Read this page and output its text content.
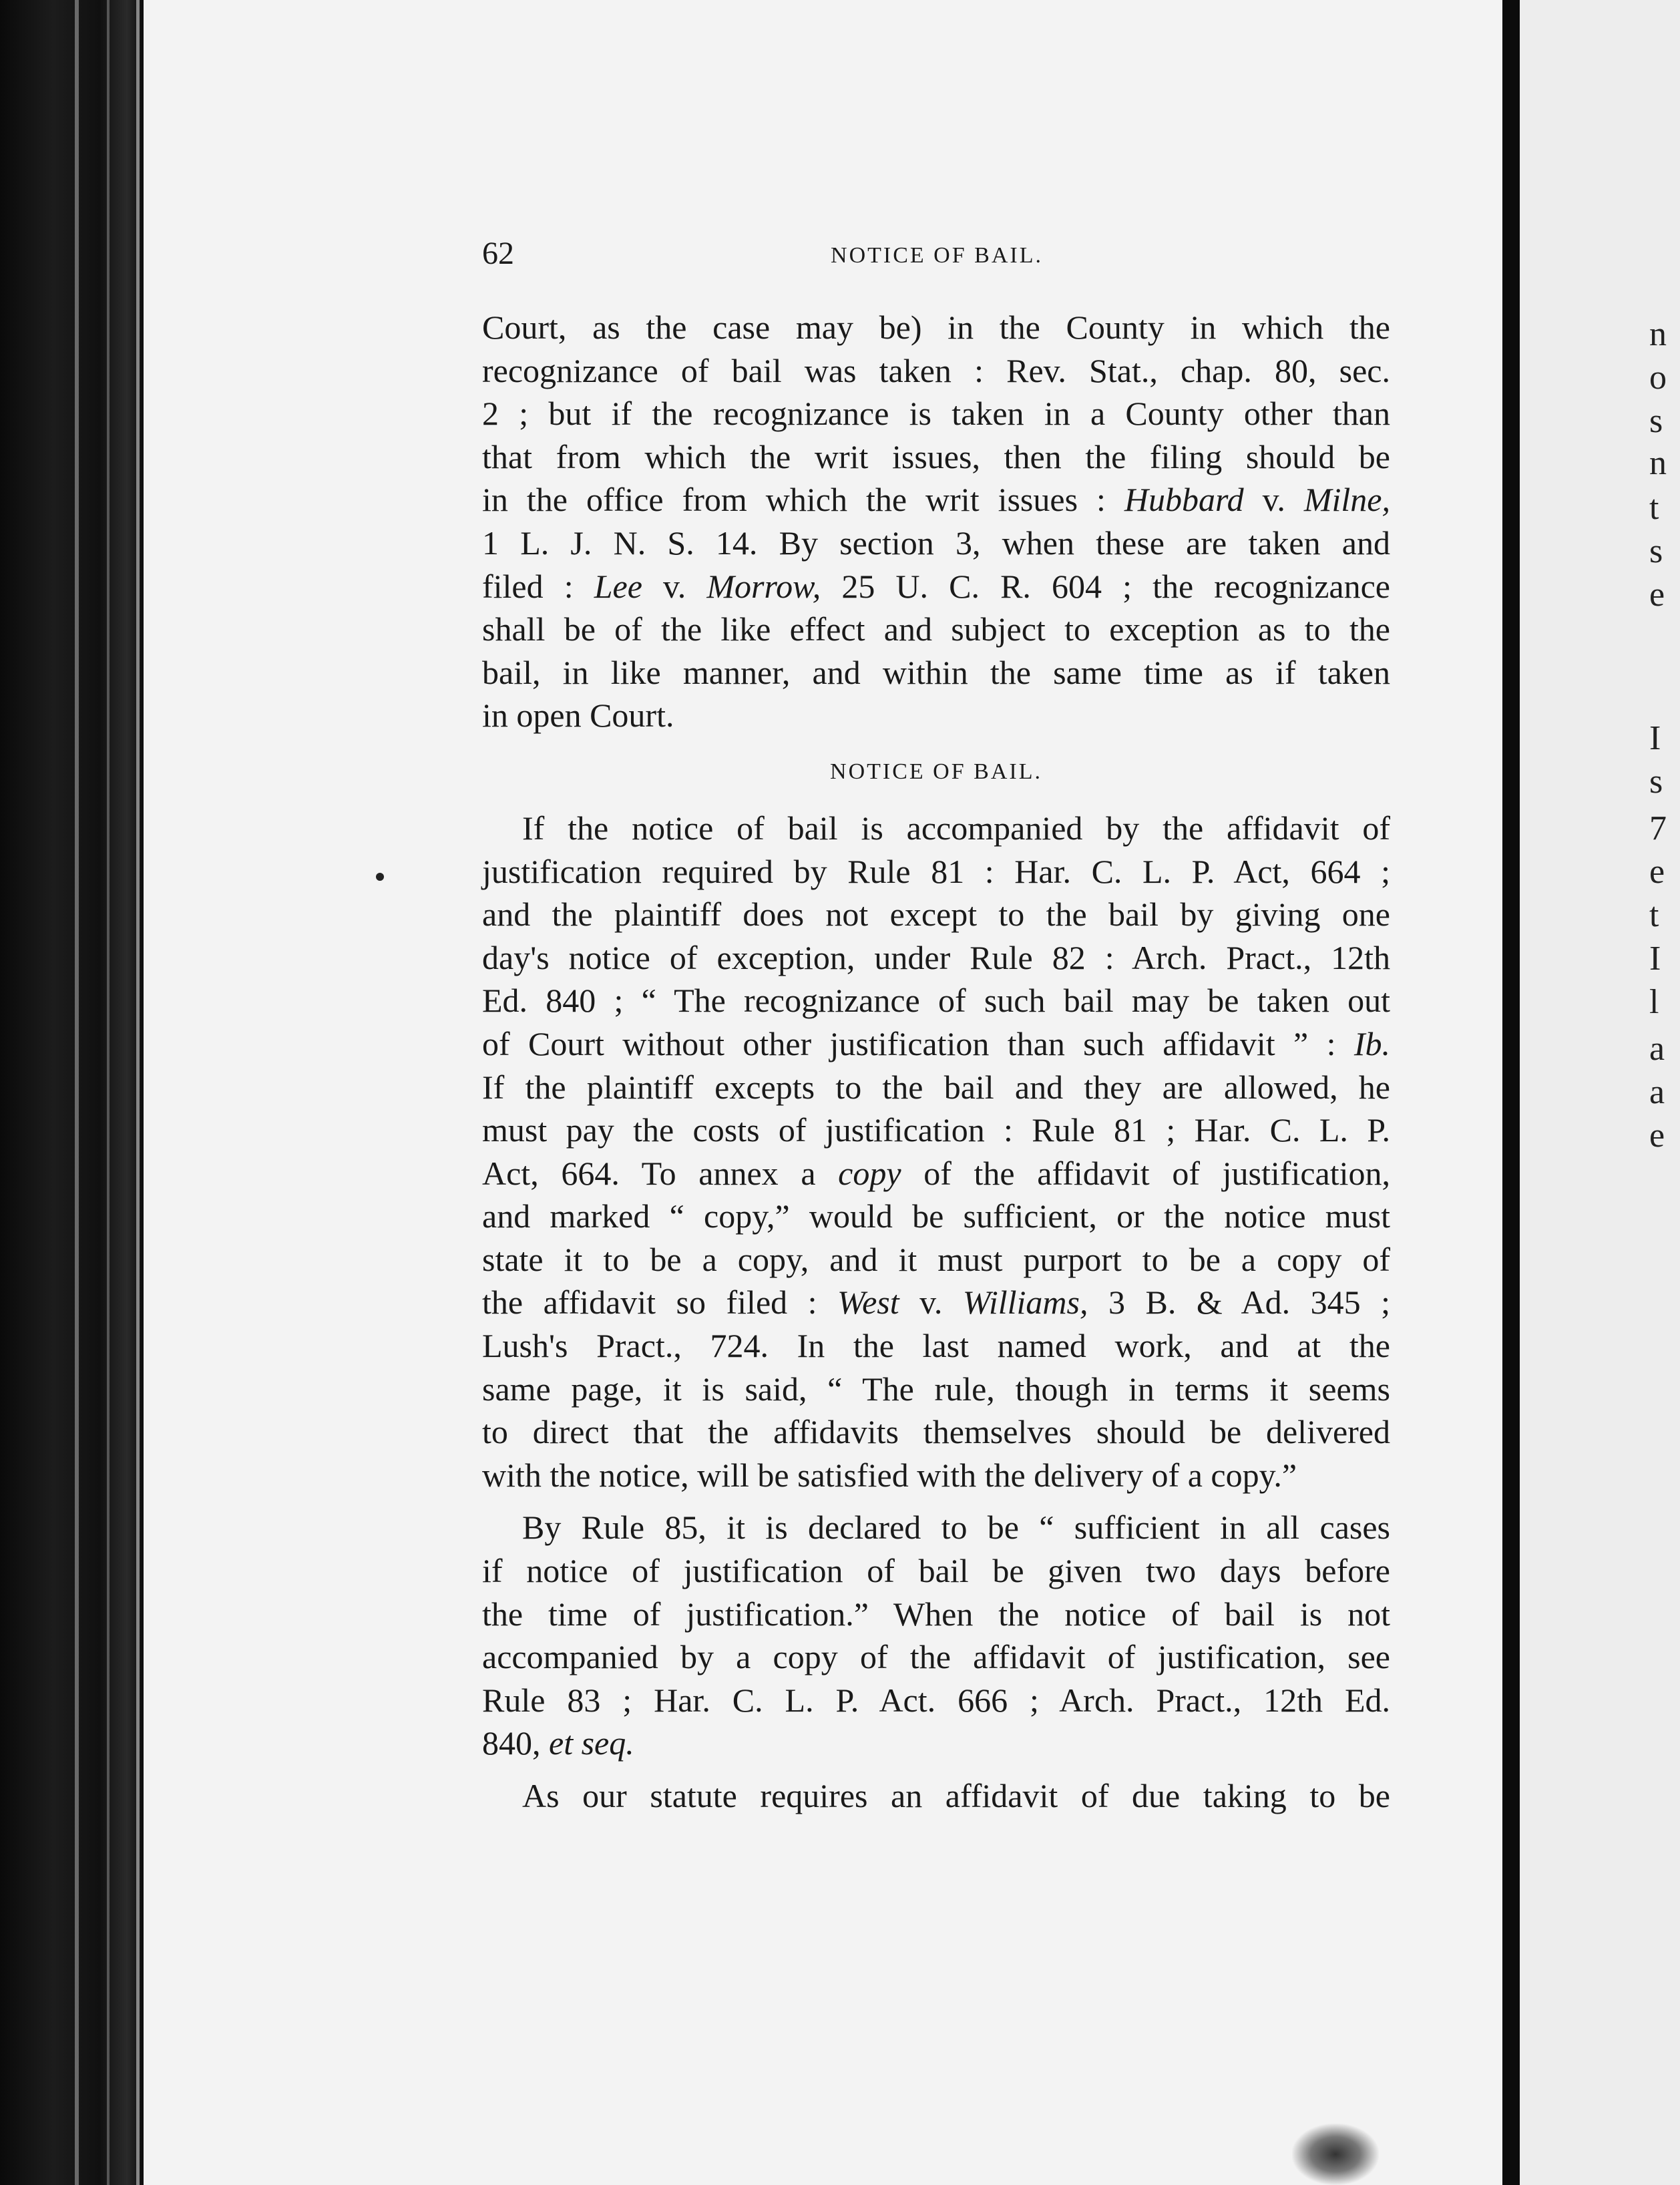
n
o
s
n
t
s
e
I
s
7
e
t
I
l
a
a
e
62	NOTICE OF BAIL.

Court, as the case may be) in the County in which the
recognizance of bail was taken : Rev. Stat., chap. 80, sec.
2 ; but if the recognizance is taken in a County other than
that from which the writ issues, then the filing should be
in the office from which the writ issues : Hubbard v. Milne,
1 L. J. N. S. 14. By section 3, when these are taken and
filed : Lee v. Morrow, 25 U. C. R. 604 ; the recognizance
shall be of the like effect and subject to exception as to the
bail, in like manner, and within the same time as if taken
in open Court.

NOTICE OF BAIL.

If the notice of bail is accompanied by the affidavit of
justification required by Rule 81 : Har. C. L. P. Act, 664 ;
and the plaintiff does not except to the bail by giving one
day's notice of exception, under Rule 82 : Arch. Pract., 12th
Ed. 840 ; “ The recognizance of such bail may be taken out
of Court without other justification than such affidavit ” : Ib.
If the plaintiff excepts to the bail and they are allowed, he
must pay the costs of justification : Rule 81 ; Har. C. L. P.
Act, 664. To annex a copy of the affidavit of justification,
and marked “ copy,” would be sufficient, or the notice must
state it to be a copy, and it must purport to be a copy of
the affidavit so filed : West v. Williams, 3 B. & Ad. 345 ;
Lush's Pract., 724. In the last named work, and at the
same page, it is said, “ The rule, though in terms it seems
to direct that the affidavits themselves should be delivered
with the notice, will be satisfied with the delivery of a copy.”

By Rule 85, it is declared to be “ sufficient in all cases
if notice of justification of bail be given two days before
the time of justification.” When the notice of bail is not
accompanied by a copy of the affidavit of justification, see
Rule 83 ; Har. C. L. P. Act. 666 ; Arch. Pract., 12th Ed.
840, et seq.

As our statute requires an affidavit of due taking to be
